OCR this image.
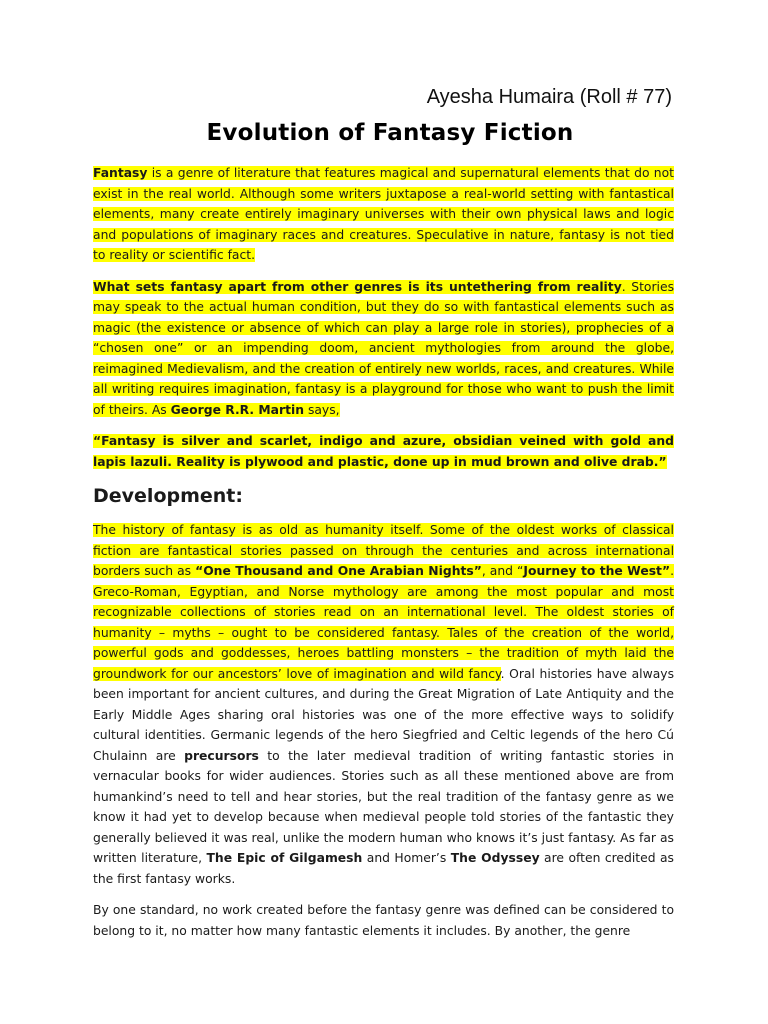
Ayesha Humaira (Roll # 77)
Evolution of Fantasy Fiction

Fantasy is a genre of literature that features magical and supernatural elements that do not exist in the real world. Although some writers juxtapose a real-world setting with fantastical elements, many create entirely imaginary universes with their own physical laws and logic and populations of imaginary races and creatures. Speculative in nature, fantasy is not tied to reality or scientific fact.

What sets fantasy apart from other genres is its untethering from reality. Stories may speak to the actual human condition, but they do so with fantastical elements such as magic (the existence or absence of which can play a large role in stories), prophecies of a “chosen one” or an impending doom, ancient mythologies from around the globe, reimagined Medievalism, and the creation of entirely new worlds, races, and creatures. While all writing requires imagination, fantasy is a playground for those who want to push the limit of theirs. As George R.R. Martin says,

“Fantasy is silver and scarlet, indigo and azure, obsidian veined with gold and lapis lazuli. Reality is plywood and plastic, done up in mud brown and olive drab.”

Development:

The history of fantasy is as old as humanity itself. Some of the oldest works of classical fiction are fantastical stories passed on through the centuries and across international borders such as “One Thousand and One Arabian Nights”, and “Journey to the West”. Greco-Roman, Egyptian, and Norse mythology are among the most popular and most recognizable collections of stories read on an international level. The oldest stories of humanity – myths – ought to be considered fantasy. Tales of the creation of the world, powerful gods and goddesses, heroes battling monsters – the tradition of myth laid the groundwork for our ancestors’ love of imagination and wild fancy. Oral histories have always been important for ancient cultures, and during the Great Migration of Late Antiquity and the Early Middle Ages sharing oral histories was one of the more effective ways to solidify cultural identities. Germanic legends of the hero Siegfried and Celtic legends of the hero Cú Chulainn are precursors to the later medieval tradition of writing fantastic stories in vernacular books for wider audiences. Stories such as all these mentioned above are from humankind’s need to tell and hear stories, but the real tradition of the fantasy genre as we know it had yet to develop because when medieval people told stories of the fantastic they generally believed it was real, unlike the modern human who knows it’s just fantasy. As far as written literature, The Epic of Gilgamesh and Homer’s The Odyssey are often credited as the first fantasy works.

By one standard, no work created before the fantasy genre was defined can be considered to belong to it, no matter how many fantastic elements it includes. By another, the genre
